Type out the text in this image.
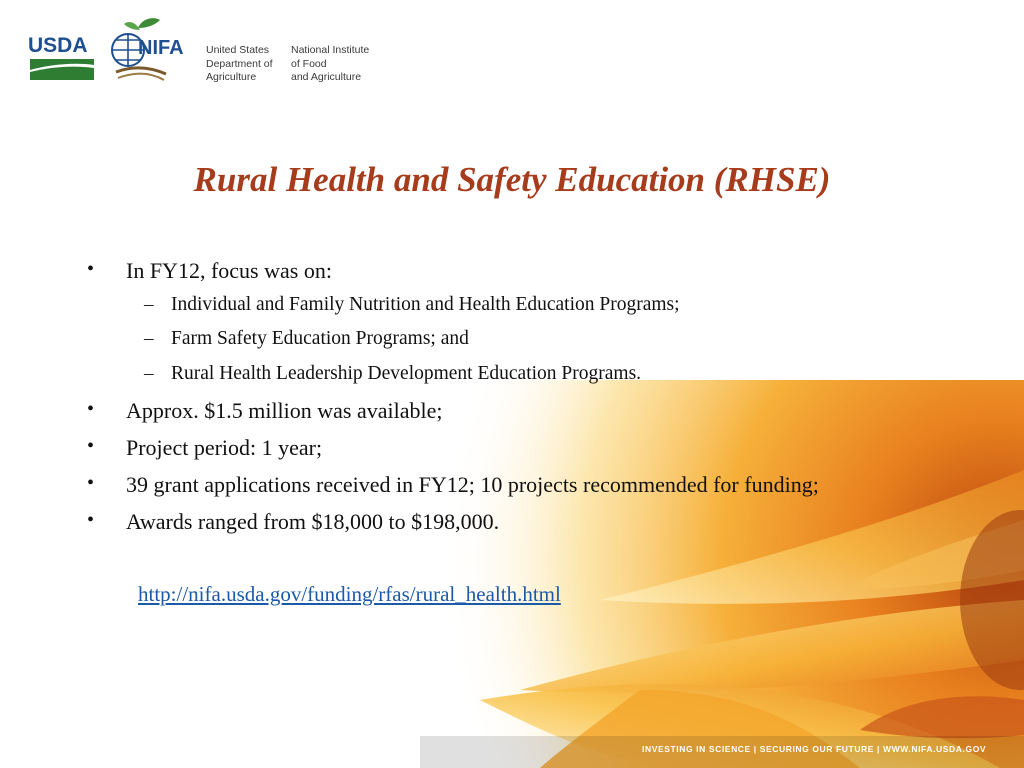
USDA	NIFA United States
Department of
Agriculture
National Institute
of Food
and Agriculture
Rural Health and Safety Education (RHSE)
• In FY12, focus was on:
– Individual and Family Nutrition and Health Education Programs;
– Farm Safety Education Programs; and
– Rural Health Leadership Development Education Programs.
• Approx. $1.5 million was available;
• Project period: 1 year;
• 39 grant applications received in FY12; 10 projects recommended for funding;
• Awards ranged from $18,000 to $198,000.
http://nifa.usda.gov/funding/rfas/rural_health.html
INVESTING IN SCIENCE | SECURING OUR FUTURE | WWW.NIFA.USDA.GOV
